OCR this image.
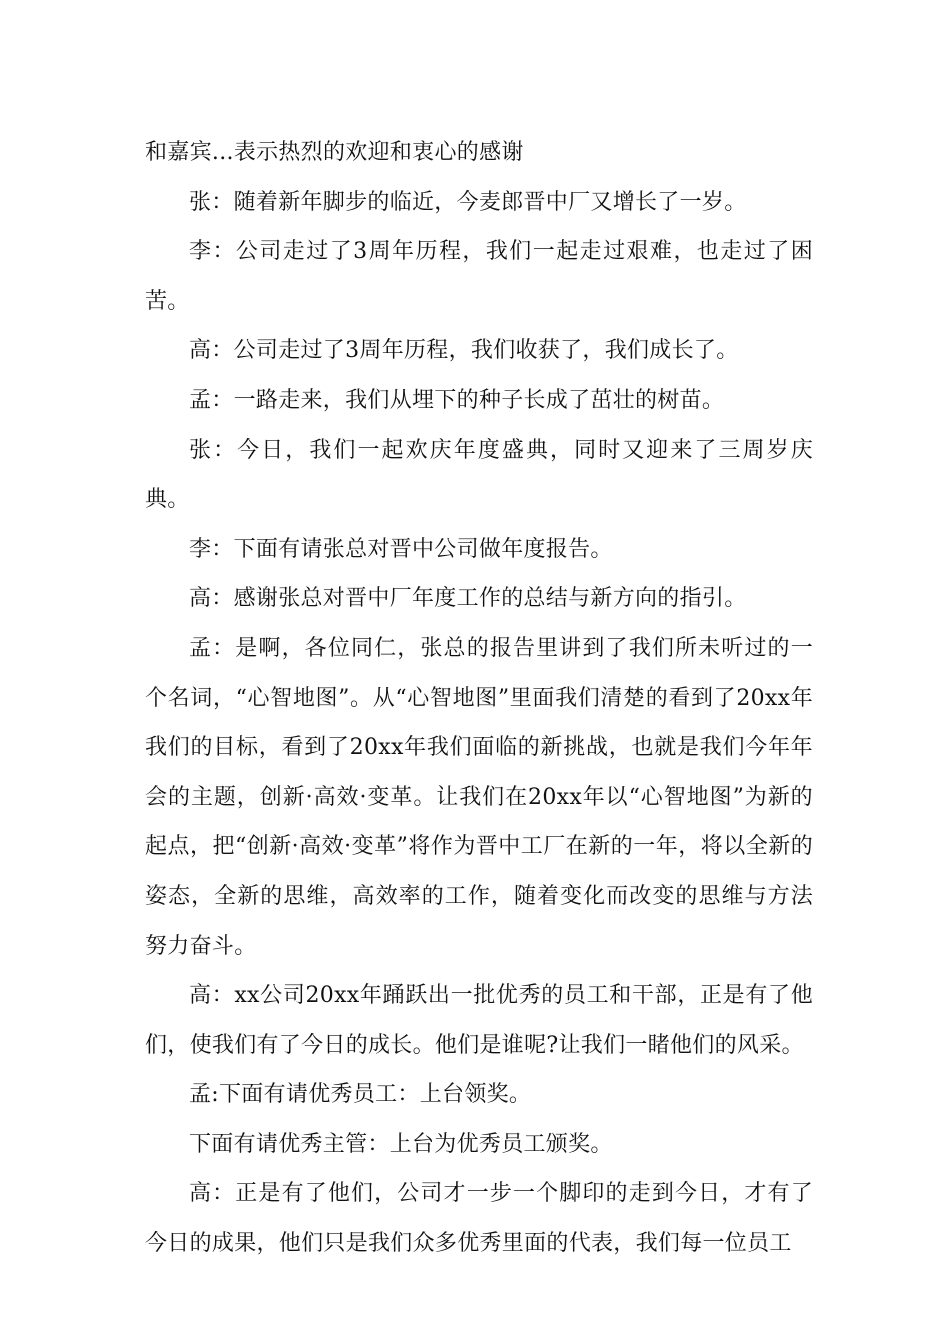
和嘉宾...表示热烈的欢迎和衷心的感谢

张：随着新年脚步的临近，今麦郎晋中厂又增长了一岁。

李：公司走过了3周年历程，我们一起走过艰难，也走过了困苦。

高：公司走过了3周年历程，我们收获了，我们成长了。

孟：一路走来，我们从埋下的种子长成了茁壮的树苗。

张：今日，我们一起欢庆年度盛典，同时又迎来了三周岁庆典。

李：下面有请张总对晋中公司做年度报告。

高：感谢张总对晋中厂年度工作的总结与新方向的指引。

孟：是啊，各位同仁，张总的报告里讲到了我们所未听过的一个名词，“心智地图”。从“心智地图”里面我们清楚的看到了20xx年我们的目标，看到了20xx年我们面临的新挑战，也就是我们今年年会的主题，创新·高效·变革。让我们在20xx年以“心智地图”为新的起点，把“创新·高效·变革”将作为晋中工厂在新的一年，将以全新的姿态，全新的思维，高效率的工作，随着变化而改变的思维与方法努力奋斗。

高：xx公司20xx年踊跃出一批优秀的员工和干部，正是有了他们，使我们有了今日的成长。他们是谁呢?让我们一睹他们的风采。

孟:下面有请优秀员工：上台领奖。

下面有请优秀主管：上台为优秀员工颁奖。

高：正是有了他们，公司才一步一个脚印的走到今日，才有了今日的成果，他们只是我们众多优秀里面的代表，我们每一位员工
